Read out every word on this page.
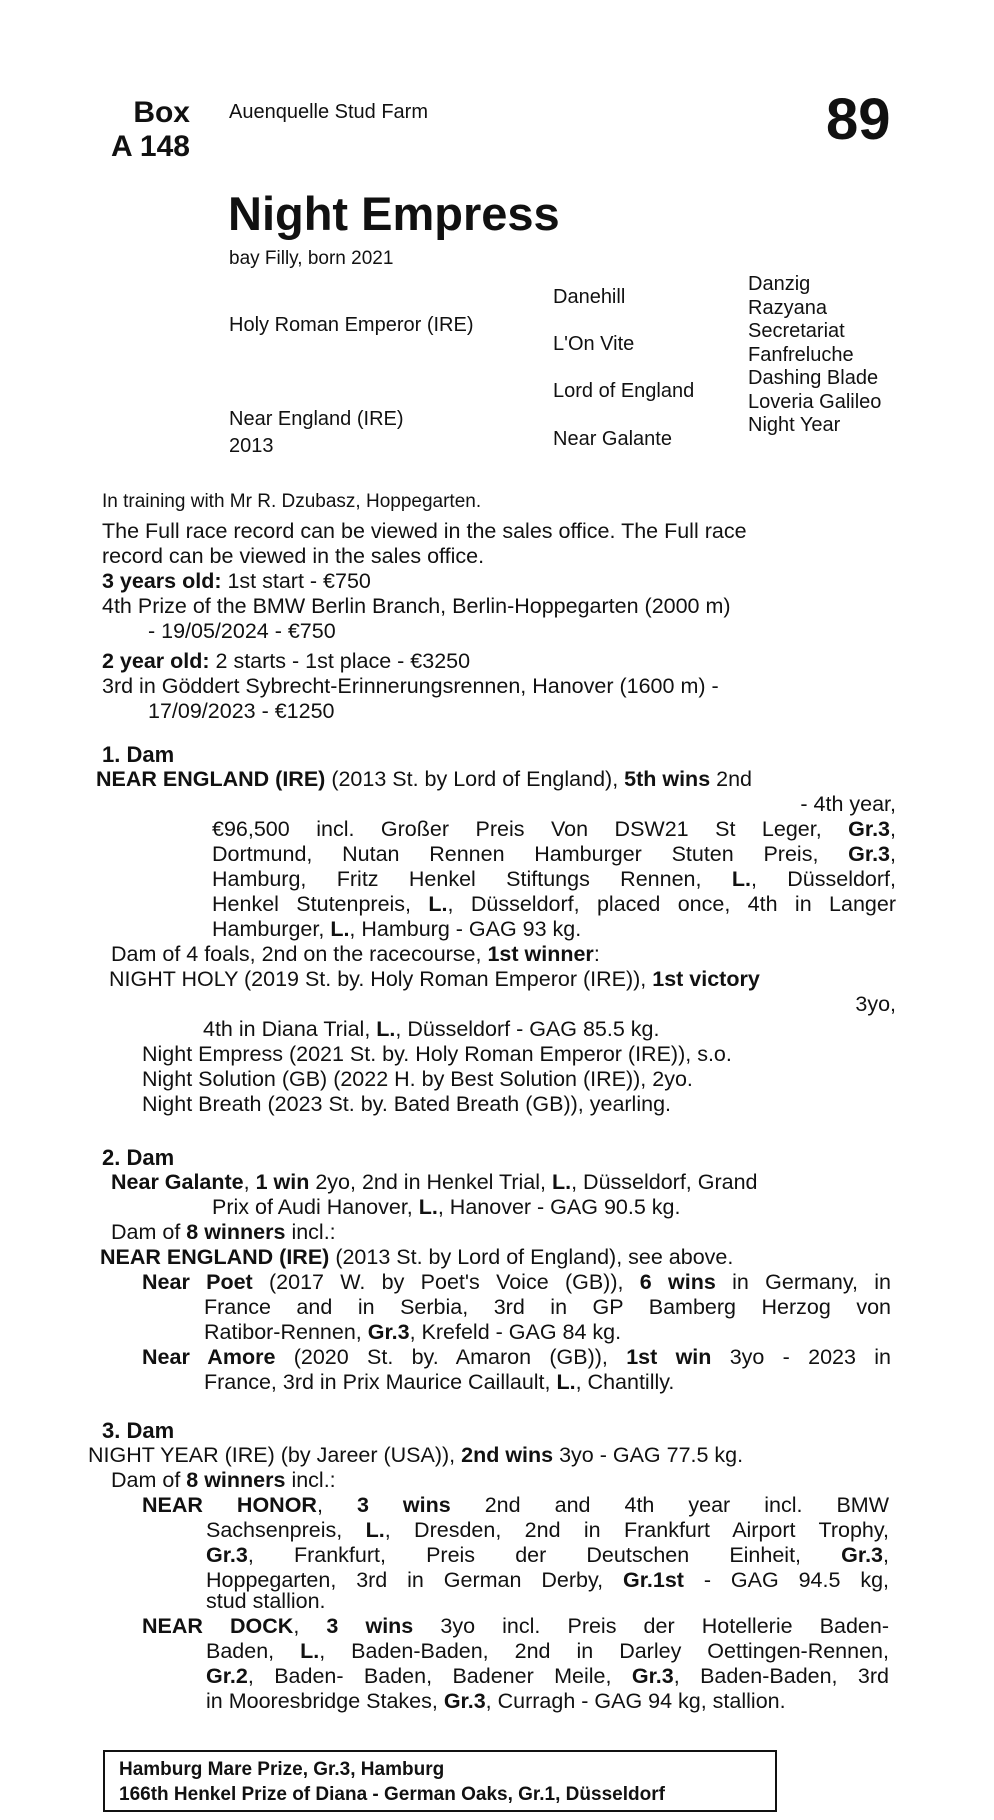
Box
A 148
Auenquelle Stud Farm	89
Night Empress
bay Filly, born 2021
Holy Roman Emperor (IRE)
Near England (IRE)
2013
Danehill
L'On Vite
Lord of England
Near Galante
Danzig
Razyana
Secretariat
Fanfreluche
Dashing Blade
Loveria Galileo
Night Year
In training with Mr R. Dzubasz, Hoppegarten.
The Full race record can be viewed in the sales office. The Full race
record can be viewed in the sales office.
3 years old: 1st start - €750
4th Prize of the BMW Berlin Branch, Berlin-Hoppegarten (2000 m)
- 19/05/2024 - €750
2 year old: 2 starts - 1st place - €3250
3rd in Göddert Sybrecht-Erinnerungsrennen, Hanover (1600 m) -
17/09/2023 - €1250
1. Dam
NEAR ENGLAND (IRE) (2013 St. by Lord of England), 5th wins 2nd
- 4th year,
€96,500 incl. Großer Preis Von DSW21 St Leger, Gr.3,
Dortmund, Nutan Rennen Hamburger Stuten Preis, Gr.3,
Hamburg, Fritz Henkel Stiftungs Rennen, L., Düsseldorf,
Henkel Stutenpreis, L., Düsseldorf, placed once, 4th in Langer
Hamburger, L., Hamburg - GAG 93 kg.
Dam of 4 foals, 2nd on the racecourse, 1st winner:
NIGHT HOLY (2019 St. by. Holy Roman Emperor (IRE)), 1st victory
3yo,
4th in Diana Trial, L., Düsseldorf - GAG 85.5 kg.
Night Empress (2021 St. by. Holy Roman Emperor (IRE)), s.o.
Night Solution (GB) (2022 H. by Best Solution (IRE)), 2yo.
Night Breath (2023 St. by. Bated Breath (GB)), yearling.
2. Dam
Near Galante, 1 win 2yo, 2nd in Henkel Trial, L., Düsseldorf, Grand
Prix of Audi Hanover, L., Hanover - GAG 90.5 kg.
Dam of 8 winners incl.:
NEAR ENGLAND (IRE) (2013 St. by Lord of England), see above.
Near Poet (2017 W. by Poet's Voice (GB)), 6 wins in Germany, in
France and in Serbia, 3rd in GP Bamberg Herzog von
Ratibor-Rennen, Gr.3, Krefeld - GAG 84 kg.
Near Amore (2020 St. by. Amaron (GB)), 1st win 3yo - 2023 in
France, 3rd in Prix Maurice Caillault, L., Chantilly.
3. Dam
NIGHT YEAR (IRE) (by Jareer (USA)), 2nd wins 3yo - GAG 77.5 kg.
Dam of 8 winners incl.:
NEAR HONOR, 3 wins 2nd and 4th year incl. BMW
Sachsenpreis, L., Dresden, 2nd in Frankfurt Airport Trophy,
Gr.3, Frankfurt, Preis der Deutschen Einheit, Gr.3,
Hoppegarten, 3rd in German Derby, Gr.1st - GAG 94.5 kg,
stud stallion.
NEAR DOCK, 3 wins 3yo incl. Preis der Hotellerie Baden-
Baden, L., Baden-Baden, 2nd in Darley Oettingen-Rennen,
Gr.2, Baden- Baden, Badener Meile, Gr.3, Baden-Baden, 3rd
in Mooresbridge Stakes, Gr.3, Curragh - GAG 94 kg, stallion.
Hamburg Mare Prize, Gr.3, Hamburg
166th Henkel Prize of Diana - German Oaks, Gr.1, Düsseldorf
